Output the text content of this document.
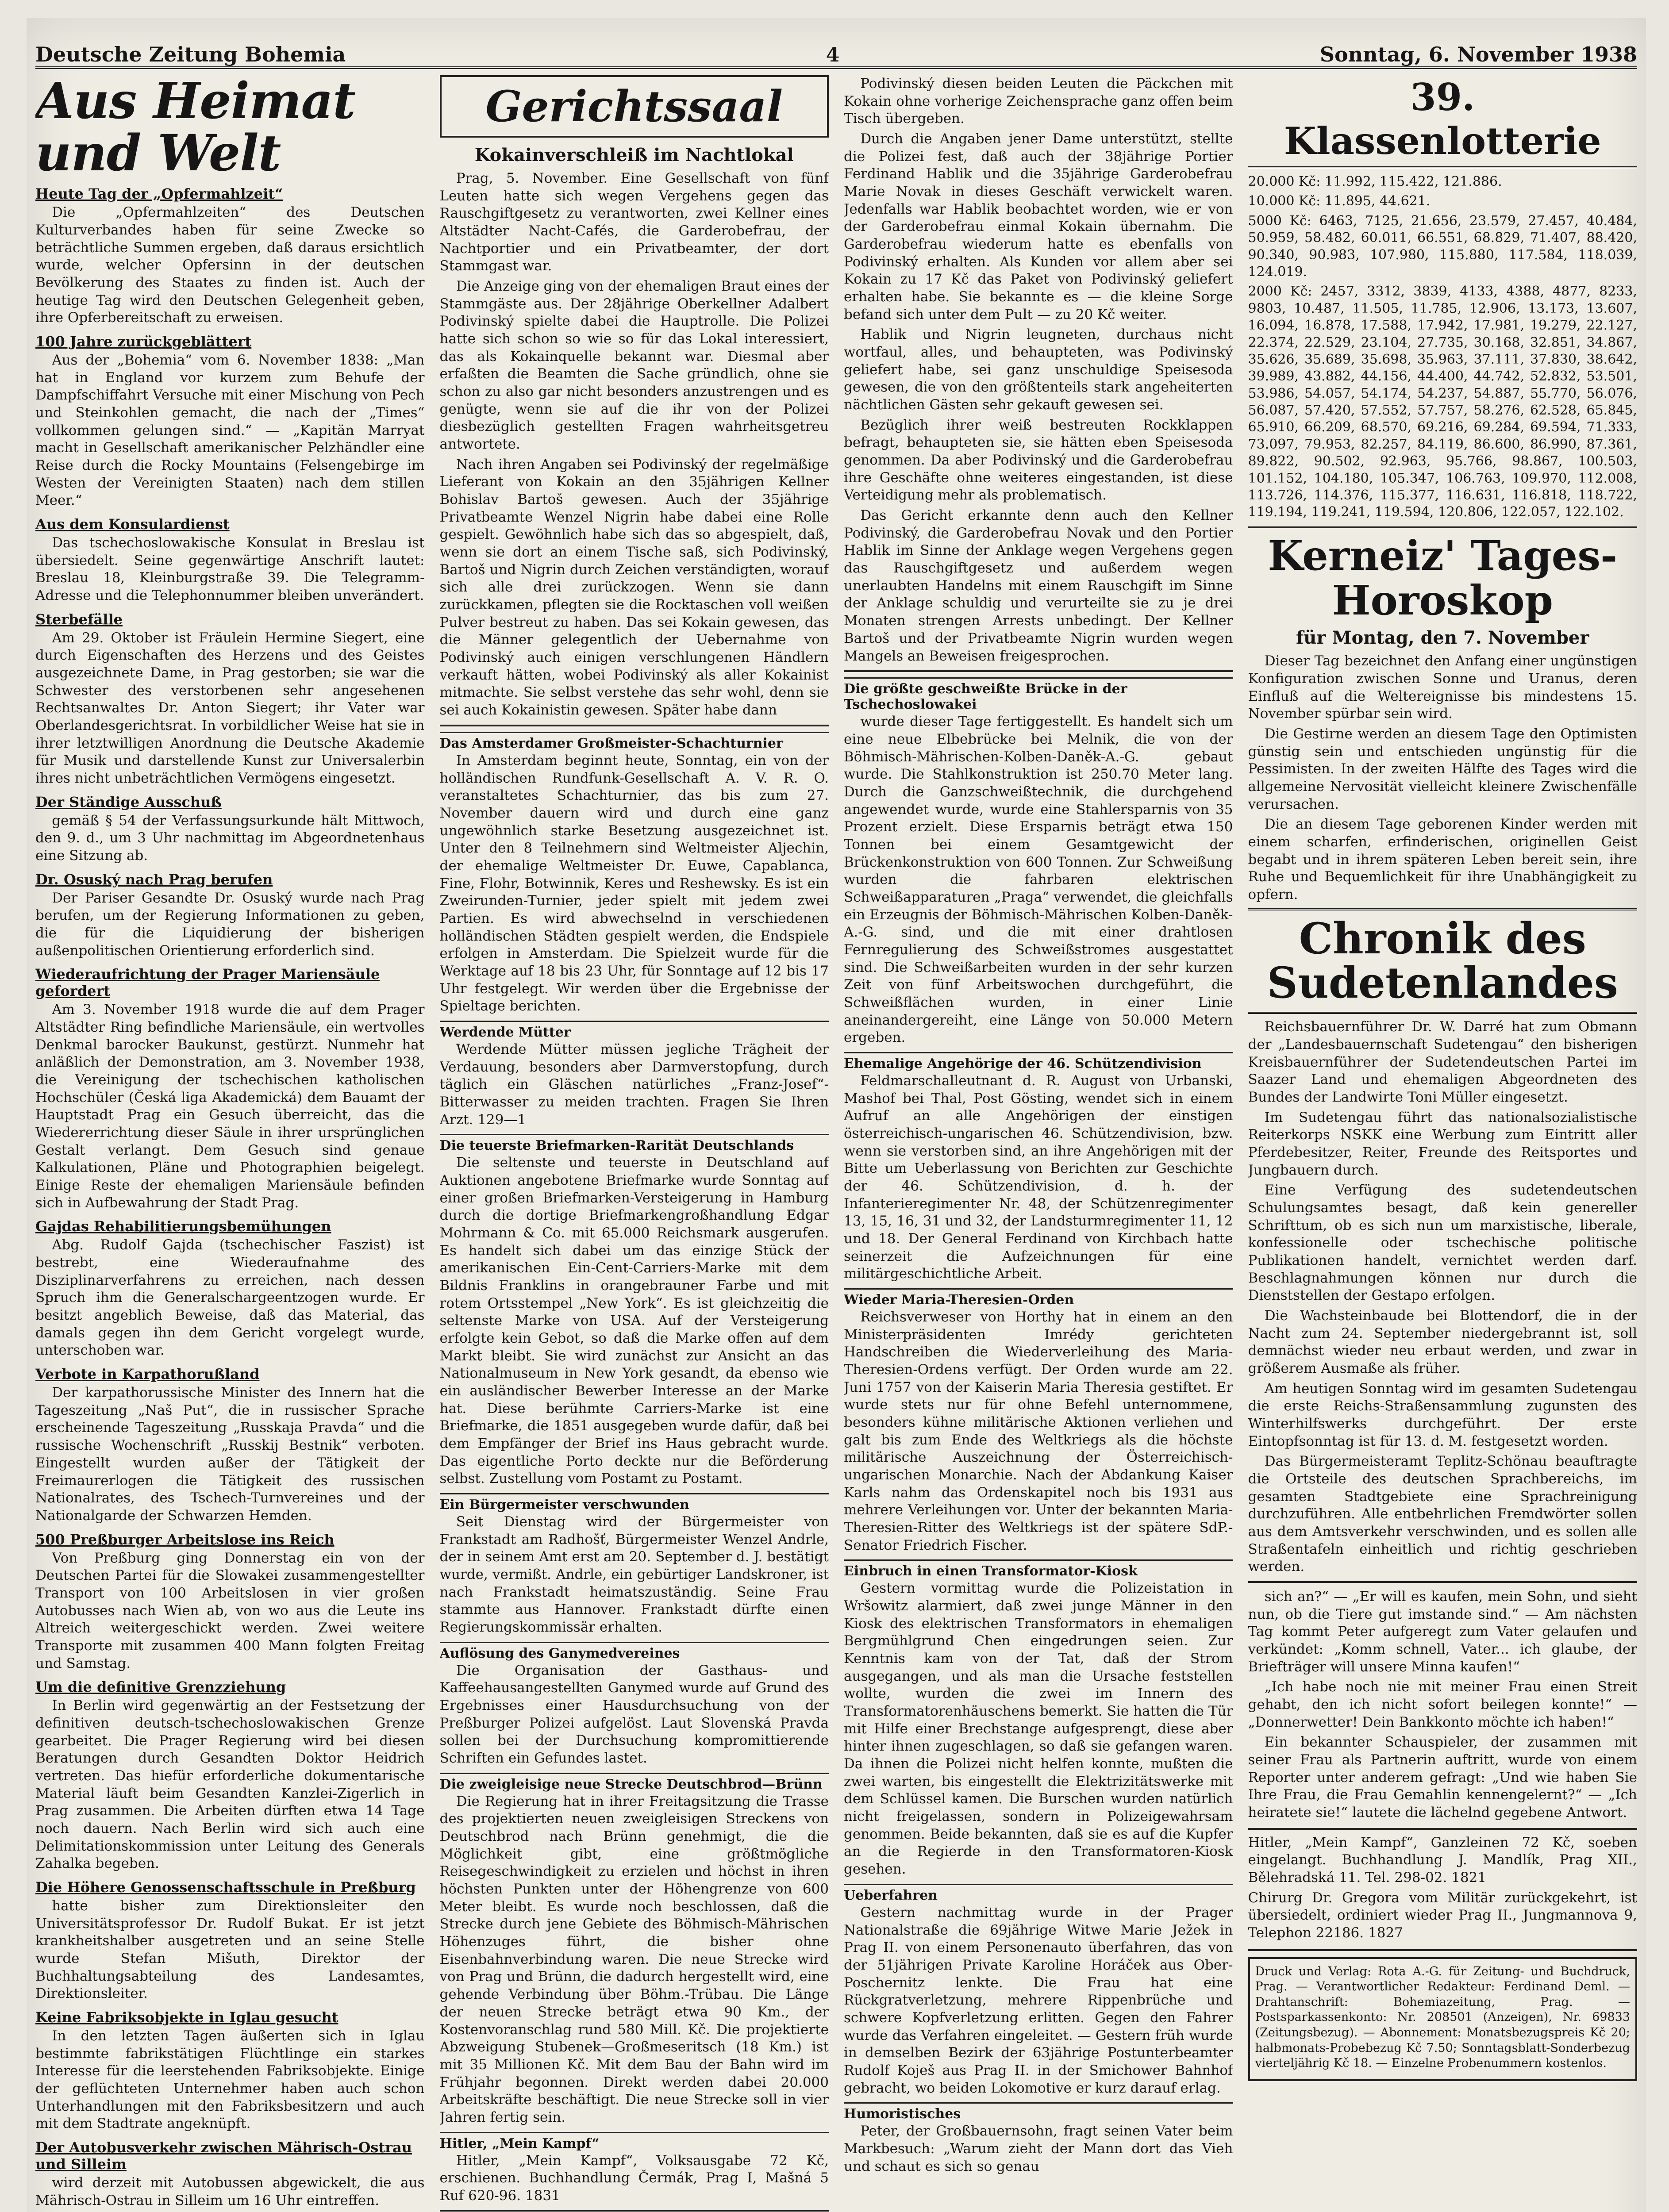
Deutsche Zeitung Bohemia	4	Sonntag, 6. November 1938
Aus Heimat und Welt
Heute Tag der „Opfermahlzeit“

Die „Opfermahlzeiten“ des Deutschen Kulturverbandes haben für seine Zwecke so beträchtliche Summen ergeben, daß daraus ersichtlich wurde, welcher Opfersinn in der deutschen Bevölkerung des Staates zu finden ist. Auch der heutige Tag wird den Deutschen Gelegenheit geben, ihre Opferbereitschaft zu erweisen.

100 Jahre zurückgeblättert

Aus der „Bohemia“ vom 6. November 1838: „Man hat in England vor kurzem zum Behufe der Dampfschiffahrt Versuche mit einer Mischung von Pech und Steinkohlen gemacht, die nach der „Times“ vollkommen gelungen sind.“ — „Kapitän Marryat macht in Gesellschaft amerikanischer Pelzhändler eine Reise durch die Rocky Mountains (Felsengebirge im Westen der Vereinigten Staaten) nach dem stillen Meer.“

Aus dem Konsulardienst

Das tschechoslowakische Konsulat in Breslau ist übersiedelt. Seine gegenwärtige Anschrift lautet: Breslau 18, Kleinburgstraße 39. Die Telegramm-Adresse und die Telephonnummer bleiben unverändert.

Sterbefälle

Am 29. Oktober ist Fräulein Hermine Siegert, eine durch Eigenschaften des Herzens und des Geistes ausgezeichnete Dame, in Prag gestorben; sie war die Schwester des verstorbenen sehr angesehenen Rechtsanwaltes Dr. Anton Siegert; ihr Vater war Oberlandesgerichtsrat. In vorbildlicher Weise hat sie in ihrer letztwilligen Anordnung die Deutsche Akademie für Musik und darstellende Kunst zur Universalerbin ihres nicht unbeträchtlichen Vermögens eingesetzt.

Der Ständige Ausschuß

gemäß § 54 der Verfassungsurkunde hält Mittwoch, den 9. d., um 3 Uhr nachmittag im Abgeordnetenhaus eine Sitzung ab.

Dr. Osuský nach Prag berufen

Der Pariser Gesandte Dr. Osuský wurde nach Prag berufen, um der Regierung Informationen zu geben, die für die Liquidierung der bisherigen außenpolitischen Orientierung erforderlich sind.

Wiederaufrichtung der Prager Mariensäule gefordert

Am 3. November 1918 wurde die auf dem Prager Altstädter Ring befindliche Mariensäule, ein wertvolles Denkmal barocker Baukunst, gestürzt. Nunmehr hat anläßlich der Demonstration, am 3. November 1938, die Vereinigung der tschechischen katholischen Hochschüler (Česká liga Akademická) dem Bauamt der Hauptstadt Prag ein Gesuch überreicht, das die Wiedererrichtung dieser Säule in ihrer ursprünglichen Gestalt verlangt. Dem Gesuch sind genaue Kalkulationen, Pläne und Photographien beigelegt. Einige Reste der ehemaligen Mariensäule befinden sich in Aufbewahrung der Stadt Prag.

Gajdas Rehabilitierungsbemühungen

Abg. Rudolf Gajda (tschechischer Faszist) ist bestrebt, eine Wiederaufnahme des Disziplinarverfahrens zu erreichen, nach dessen Spruch ihm die Generalschargeentzogen wurde. Er besitzt angeblich Beweise, daß das Material, das damals gegen ihn dem Gericht vorgelegt wurde, unterschoben war.

Verbote in Karpathorußland

Der karpathorussische Minister des Innern hat die Tageszeitung „Naš Put“, die in russischer Sprache erscheinende Tageszeitung „Russkaja Pravda“ und die russische Wochenschrift „Russkij Bestnik“ verboten. Eingestellt wurden außer der Tätigkeit der Freimaurerlogen die Tätigkeit des russischen Nationalrates, des Tschech-Turnvereines und der Nationalgarde der Schwarzen Hemden.

500 Preßburger Arbeitslose ins Reich

Von Preßburg ging Donnerstag ein von der Deutschen Partei für die Slowakei zusammengestellter Transport von 100 Arbeitslosen in vier großen Autobusses nach Wien ab, von wo aus die Leute ins Altreich weitergeschickt werden. Zwei weitere Transporte mit zusammen 400 Mann folgten Freitag und Samstag.

Um die definitive Grenzziehung

In Berlin wird gegenwärtig an der Festsetzung der definitiven deutsch-tschechoslowakischen Grenze gearbeitet. Die Prager Regierung wird bei diesen Beratungen durch Gesandten Doktor Heidrich vertreten. Das hiefür erforderliche dokumentarische Material läuft beim Gesandten Kanzlei-Zigerlich in Prag zusammen. Die Arbeiten dürften etwa 14 Tage noch dauern. Nach Berlin wird sich auch eine Delimitationskommission unter Leitung des Generals Zahalka begeben.

Die Höhere Genossenschaftsschule in Preßburg

hatte bisher zum Direktionsleiter den Universitätsprofessor Dr. Rudolf Bukat. Er ist jetzt krankheitshalber ausgetreten und an seine Stelle wurde Stefan Mišuth, Direktor der Buchhaltungsabteilung des Landesamtes, Direktionsleiter.

Keine Fabriksobjekte in Iglau gesucht

In den letzten Tagen äußerten sich in Iglau bestimmte fabrikstätigen Flüchtlinge ein starkes Interesse für die leerstehenden Fabriksobjekte. Einige der geflüchteten Unternehmer haben auch schon Unterhandlungen mit den Fabriksbesitzern und auch mit dem Stadtrate angeknüpft.

Der Autobusverkehr zwischen Mährisch-Ostrau und Silleim

wird derzeit mit Autobussen abgewickelt, die aus Mährisch-Ostrau in Silleim um 16 Uhr eintreffen.

Gerichtssaal
Kokainverschleiß im Nachtlokal

Prag, 5. November. Eine Gesellschaft von fünf Leuten hatte sich wegen Vergehens gegen das Rauschgiftgesetz zu verantworten, zwei Kellner eines Altstädter Nacht-Cafés, die Garderobefrau, der Nachtportier und ein Privatbeamter, der dort Stammgast war.

Die Anzeige ging von der ehemaligen Braut eines der Stammgäste aus. Der 28jährige Oberkellner Adalbert Podivinský spielte dabei die Hauptrolle. Die Polizei hatte sich schon so wie so für das Lokal interessiert, das als Kokainquelle bekannt war. Diesmal aber erfaßten die Beamten die Sache gründlich, ohne sie schon zu also gar nicht besonders anzustrengen und es genügte, wenn sie auf die ihr von der Polizei diesbezüglich gestellten Fragen wahrheitsgetreu antwortete.

Nach ihren Angaben sei Podivinský der regelmäßige Lieferant von Kokain an den 35jährigen Kellner Bohislav Bartoš gewesen. Auch der 35jährige Privatbeamte Wenzel Nigrin habe dabei eine Rolle gespielt. Gewöhnlich habe sich das so abgespielt, daß, wenn sie dort an einem Tische saß, sich Podivinský, Bartoš und Nigrin durch Zeichen verständigten, worauf sich alle drei zurückzogen. Wenn sie dann zurückkamen, pflegten sie die Rocktaschen voll weißen Pulver bestreut zu haben. Das sei Kokain gewesen, das die Männer gelegentlich der Uebernahme von Podivinský auch einigen verschlungenen Händlern verkauft hätten, wobei Podivinský als aller Kokainist mitmachte. Sie selbst verstehe das sehr wohl, denn sie sei auch Kokainistin gewesen. Später habe dann

Das Amsterdamer Großmeister-Schachturnier

In Amsterdam beginnt heute, Sonntag, ein von der holländischen Rundfunk-Gesellschaft A. V. R. O. veranstaltetes Schachturnier, das bis zum 27. November dauern wird und durch eine ganz ungewöhnlich starke Besetzung ausgezeichnet ist. Unter den 8 Teilnehmern sind Weltmeister Aljechin, der ehemalige Weltmeister Dr. Euwe, Capablanca, Fine, Flohr, Botwinnik, Keres und Reshewsky. Es ist ein Zweirunden-Turnier, jeder spielt mit jedem zwei Partien. Es wird abwechselnd in verschiedenen holländischen Städten gespielt werden, die Endspiele erfolgen in Amsterdam. Die Spielzeit wurde für die Werktage auf 18 bis 23 Uhr, für Sonntage auf 12 bis 17 Uhr festgelegt. Wir werden über die Ergebnisse der Spieltage berichten.

Werdende Mütter

Werdende Mütter müssen jegliche Trägheit der Verdauung, besonders aber Darmverstopfung, durch täglich ein Gläschen natürliches „Franz-Josef“-Bitterwasser zu meiden trachten. Fragen Sie Ihren Arzt. 129—1

Die teuerste Briefmarken-Rarität Deutschlands

Die seltenste und teuerste in Deutschland auf Auktionen angebotene Briefmarke wurde Sonntag auf einer großen Briefmarken-Versteigerung in Hamburg durch die dortige Briefmarkengroßhandlung Edgar Mohrmann & Co. mit 65.000 Reichsmark ausgerufen. Es handelt sich dabei um das einzige Stück der amerikanischen Ein-Cent-Carriers-Marke mit dem Bildnis Franklins in orangebrauner Farbe und mit rotem Ortsstempel „New York“. Es ist gleichzeitig die seltenste Marke von USA. Auf der Versteigerung erfolgte kein Gebot, so daß die Marke offen auf dem Markt bleibt. Sie wird zunächst zur Ansicht an das Nationalmuseum in New York gesandt, da ebenso wie ein ausländischer Bewerber Interesse an der Marke hat. Diese berühmte Carriers-Marke ist eine Briefmarke, die 1851 ausgegeben wurde dafür, daß bei dem Empfänger der Brief ins Haus gebracht wurde. Das eigentliche Porto deckte nur die Beförderung selbst. Zustellung vom Postamt zu Postamt.

Ein Bürgermeister verschwunden

Seit Dienstag wird der Bürgermeister von Frankstadt am Radhošť, Bürgermeister Wenzel Andrle, der in seinem Amt erst am 20. September d. J. bestätigt wurde, vermißt. Andrle, ein gebürtiger Landskroner, ist nach Frankstadt heimatszuständig. Seine Frau stammte aus Hannover. Frankstadt dürfte einen Regierungskommissär erhalten.

Auflösung des Ganymedvereines

Die Organisation der Gasthaus- und Kaffeehausangestellten Ganymed wurde auf Grund des Ergebnisses einer Hausdurchsuchung von der Preßburger Polizei aufgelöst. Laut Slovenská Pravda sollen bei der Durchsuchung kompromittierende Schriften ein Gefundes lastet.

Die zweigleisige neue Strecke Deutschbrod—Brünn

Die Regierung hat in ihrer Freitagsitzung die Trasse des projektierten neuen zweigleisigen Streckens von Deutschbrod nach Brünn genehmigt, die die Möglichkeit gibt, eine größtmögliche Reisegeschwindigkeit zu erzielen und höchst in ihren höchsten Punkten unter der Höhengrenze von 600 Meter bleibt. Es wurde noch beschlossen, daß die Strecke durch jene Gebiete des Böhmisch-Mährischen Höhenzuges führt, die bisher ohne Eisenbahnverbindung waren. Die neue Strecke wird von Prag und Brünn, die dadurch hergestellt wird, eine gehende Verbindung über Böhm.-Trübau. Die Länge der neuen Strecke beträgt etwa 90 Km., der Kostenvoranschlag rund 580 Mill. Kč. Die projektierte Abzweigung Stubenek—Großmeseritsch (18 Km.) ist mit 35 Millionen Kč. Mit dem Bau der Bahn wird im Frühjahr begonnen. Direkt werden dabei 20.000 Arbeitskräfte beschäftigt. Die neue Strecke soll in vier Jahren fertig sein.

Hitler, „Mein Kampf“

Hitler, „Mein Kampf“, Volksausgabe 72 Kč, erschienen. Buchhandlung Čermák, Prag I, Mašná 5 Ruf 620-96. 1831

Podivinský diesen beiden Leuten die Päckchen mit Kokain ohne vorherige Zeichensprache ganz offen beim Tisch übergeben.

Durch die Angaben jener Dame unterstützt, stellte die Polizei fest, daß auch der 38jährige Portier Ferdinand Hablik und die 35jährige Garderobefrau Marie Novak in dieses Geschäft verwickelt waren. Jedenfalls war Hablik beobachtet worden, wie er von der Garderobefrau einmal Kokain übernahm. Die Garderobefrau wiederum hatte es ebenfalls von Podivinský erhalten. Als Kunden vor allem aber sei Kokain zu 17 Kč das Paket von Podivinský geliefert erhalten habe. Sie bekannte es — die kleine Sorge befand sich unter dem Pult — zu 20 Kč weiter.

Hablik und Nigrin leugneten, durchaus nicht wortfaul, alles, und behaupteten, was Podivinský geliefert habe, sei ganz unschuldige Speisesoda gewesen, die von den größtenteils stark angeheiterten nächtlichen Gästen sehr gekauft gewesen sei.

Bezüglich ihrer weiß bestreuten Rockklappen befragt, behaupteten sie, sie hätten eben Speisesoda genommen. Da aber Podivinský und die Garderobefrau ihre Geschäfte ohne weiteres eingestanden, ist diese Verteidigung mehr als problematisch.

Das Gericht erkannte denn auch den Kellner Podivinský, die Garderobefrau Novak und den Portier Hablik im Sinne der Anklage wegen Vergehens gegen das Rauschgiftgesetz und außerdem wegen unerlaubten Handelns mit einem Rauschgift im Sinne der Anklage schuldig und verurteilte sie zu je drei Monaten strengen Arrests unbedingt. Der Kellner Bartoš und der Privatbeamte Nigrin wurden wegen Mangels an Beweisen freigesprochen.

Die größte geschweißte Brücke in der Tschechoslowakei

wurde dieser Tage fertiggestellt. Es handelt sich um eine neue Elbebrücke bei Melnik, die von der Böhmisch-Mährischen-Kolben-Daněk-A.-G. gebaut wurde. Die Stahlkonstruktion ist 250.70 Meter lang. Durch die Ganzschweißtechnik, die durchgehend angewendet wurde, wurde eine Stahlersparnis von 35 Prozent erzielt. Diese Ersparnis beträgt etwa 150 Tonnen bei einem Gesamtgewicht der Brückenkonstruktion von 600 Tonnen. Zur Schweißung wurden die fahrbaren elektrischen Schweißapparaturen „Praga“ verwendet, die gleichfalls ein Erzeugnis der Böhmisch-Mährischen Kolben-Daněk-A.-G. sind, und die mit einer drahtlosen Fernregulierung des Schweißstromes ausgestattet sind. Die Schweißarbeiten wurden in der sehr kurzen Zeit von fünf Arbeitswochen durchgeführt, die Schweißflächen wurden, in einer Linie aneinandergereiht, eine Länge von 50.000 Metern ergeben.

Ehemalige Angehörige der 46. Schützendivision

Feldmarschalleutnant d. R. August von Urbanski, Mashof bei Thal, Post Gösting, wendet sich in einem Aufruf an alle Angehörigen der einstigen österreichisch-ungarischen 46. Schützendivision, bzw. wenn sie verstorben sind, an ihre Angehörigen mit der Bitte um Ueberlassung von Berichten zur Geschichte der 46. Schützendivision, d. h. der Infanterieregimenter Nr. 48, der Schützenregimenter 13, 15, 16, 31 und 32, der Landsturmregimenter 11, 12 und 18. Der General Ferdinand von Kirchbach hatte seinerzeit die Aufzeichnungen für eine militärgeschichtliche Arbeit.

Wieder Maria-Theresien-Orden

Reichsverweser von Horthy hat in einem an den Ministerpräsidenten Imrédy gerichteten Handschreiben die Wiederverleihung des Maria-Theresien-Ordens verfügt. Der Orden wurde am 22. Juni 1757 von der Kaiserin Maria Theresia gestiftet. Er wurde stets nur für ohne Befehl unternommene, besonders kühne militärische Aktionen verliehen und galt bis zum Ende des Weltkriegs als die höchste militärische Auszeichnung der Österreichisch-ungarischen Monarchie. Nach der Abdankung Kaiser Karls nahm das Ordenskapitel noch bis 1931 aus mehrere Verleihungen vor. Unter der bekannten Maria-Theresien-Ritter des Weltkriegs ist der spätere SdP.-Senator Friedrich Fischer.

Einbruch in einen Transformator-Kiosk

Gestern vormittag wurde die Polizeistation in Wršowitz alarmiert, daß zwei junge Männer in den Kiosk des elektrischen Transformators in ehemaligen Bergmühlgrund Chen eingedrungen seien. Zur Kenntnis kam von der Tat, daß der Strom ausgegangen, und als man die Ursache feststellen wollte, wurden die zwei im Innern des Transformatorenhäuschens bemerkt. Sie hatten die Tür mit Hilfe einer Brechstange aufgesprengt, diese aber hinter ihnen zugeschlagen, so daß sie gefangen waren. Da ihnen die Polizei nicht helfen konnte, mußten die zwei warten, bis eingestellt die Elektrizitätswerke mit dem Schlüssel kamen. Die Burschen wurden natürlich nicht freigelassen, sondern in Polizeigewahrsam genommen. Beide bekannten, daß sie es auf die Kupfer an die Regierde in den Transformatoren-Kiosk gesehen.

Ueberfahren

Gestern nachmittag wurde in der Prager Nationalstraße die 69jährige Witwe Marie Ježek in Prag II. von einem Personenauto überfahren, das von der 51jährigen Private Karoline Horáček aus Ober-Poschernitz lenkte. Die Frau hat eine Rückgratverletzung, mehrere Rippenbrüche und schwere Kopfverletzung erlitten. Gegen den Fahrer wurde das Verfahren eingeleitet. — Gestern früh wurde in demselben Bezirk der 63jährige Postunterbeamter Rudolf Koješ aus Prag II. in der Smichower Bahnhof gebracht, wo beiden Lokomotive er kurz darauf erlag.

Humoristisches

Peter, der Großbauernsohn, fragt seinen Vater beim Markbesuch: „Warum zieht der Mann dort das Vieh und schaut es sich so genau

39. Klassenlotterie

20.000 Kč: 11.992, 115.422, 121.886.

10.000 Kč: 11.895, 44.621.

5000 Kč: 6463, 7125, 21.656, 23.579, 27.457, 40.484, 50.959, 58.482, 60.011, 66.551, 68.829, 71.407, 88.420, 90.340, 90.983, 107.980, 115.880, 117.584, 118.039, 124.019.

2000 Kč: 2457, 3312, 3839, 4133, 4388, 4877, 8233, 9803, 10.487, 11.505, 11.785, 12.906, 13.173, 13.607, 16.094, 16.878, 17.588, 17.942, 17.981, 19.279, 22.127, 22.374, 22.529, 23.104, 27.735, 30.168, 32.851, 34.867, 35.626, 35.689, 35.698, 35.963, 37.111, 37.830, 38.642, 39.989, 43.882, 44.156, 44.400, 44.742, 52.832, 53.501, 53.986, 54.057, 54.174, 54.237, 54.887, 55.770, 56.076, 56.087, 57.420, 57.552, 57.757, 58.276, 62.528, 65.845, 65.910, 66.209, 68.570, 69.216, 69.284, 69.594, 71.333, 73.097, 79.953, 82.257, 84.119, 86.600, 86.990, 87.361, 89.822, 90.502, 92.963, 95.766, 98.867, 100.503, 101.152, 104.180, 105.347, 106.763, 109.970, 112.008, 113.726, 114.376, 115.377, 116.631, 116.818, 118.722, 119.194, 119.241, 119.594, 120.806, 122.057, 122.102.

Kerneiz' Tages-Horoskop
für Montag, den 7. November

Dieser Tag bezeichnet den Anfang einer ungünstigen Konfiguration zwischen Sonne und Uranus, deren Einfluß auf die Weltereignisse bis mindestens 15. November spürbar sein wird.

Die Gestirne werden an diesem Tage den Optimisten günstig sein und entschieden ungünstig für die Pessimisten. In der zweiten Hälfte des Tages wird die allgemeine Nervosität vielleicht kleinere Zwischenfälle verursachen.

Die an diesem Tage geborenen Kinder werden mit einem scharfen, erfinderischen, originellen Geist begabt und in ihrem späteren Leben bereit sein, ihre Ruhe und Bequemlichkeit für ihre Unabhängigkeit zu opfern.

Chronik des Sudetenlandes

Reichsbauernführer Dr. W. Darré hat zum Obmann der „Landesbauernschaft Sudetengau“ den bisherigen Kreisbauernführer der Sudetendeutschen Partei im Saazer Land und ehemaligen Abgeordneten des Bundes der Landwirte Toni Müller eingesetzt.

Im Sudetengau führt das nationalsozialistische Reiterkorps NSKK eine Werbung zum Eintritt aller Pferdebesitzer, Reiter, Freunde des Reitsportes und Jungbauern durch.

Eine Verfügung des sudetendeutschen Schulungsamtes besagt, daß kein genereller Schrifttum, ob es sich nun um marxistische, liberale, konfessionelle oder tschechische politische Publikationen handelt, vernichtet werden darf. Beschlagnahmungen können nur durch die Dienststellen der Gestapo erfolgen.

Die Wachsteinbaude bei Blottendorf, die in der Nacht zum 24. September niedergebrannt ist, soll demnächst wieder neu erbaut werden, und zwar in größerem Ausmaße als früher.

Am heutigen Sonntag wird im gesamten Sudetengau die erste Reichs-Straßensammlung zugunsten des Winterhilfswerks durchgeführt. Der erste Eintopfsonntag ist für 13. d. M. festgesetzt worden.

Das Bürgermeisteramt Teplitz-Schönau beauftragte die Ortsteile des deutschen Sprachbereichs, im gesamten Stadtgebiete eine Sprachreinigung durchzuführen. Alle entbehrlichen Fremdwörter sollen aus dem Amtsverkehr verschwinden, und es sollen alle Straßentafeln einheitlich und richtig geschrieben werden.

sich an?“ — „Er will es kaufen, mein Sohn, und sieht nun, ob die Tiere gut imstande sind.“ — Am nächsten Tag kommt Peter aufgeregt zum Vater gelaufen und verkündet: „Komm schnell, Vater... ich glaube, der Briefträger will unsere Minna kaufen!“

„Ich habe noch nie mit meiner Frau einen Streit gehabt, den ich nicht sofort beilegen konnte!“ — „Donnerwetter! Dein Bankkonto möchte ich haben!“

Ein bekannter Schauspieler, der zusammen mit seiner Frau als Partnerin auftritt, wurde von einem Reporter unter anderem gefragt: „Und wie haben Sie Ihre Frau, die Frau Gemahlin kennengelernt?“ — „Ich heiratete sie!“ lautete die lächelnd gegebene Antwort.

Hitler, „Mein Kampf“, Ganzleinen 72 Kč, soeben eingelangt. Buchhandlung J. Mandlík, Prag XII., Bělehradská 11. Tel. 298-02. 1821

Chirurg Dr. Gregora vom Militär zurückgekehrt, ist übersiedelt, ordiniert wieder Prag II., Jungmannova 9, Telephon 22186. 1827

Druck und Verlag: Rota A.-G. für Zeitung- und Buchdruck, Prag. — Verantwortlicher Redakteur: Ferdinand Deml. — Drahtanschrift: Bohemiazeitung, Prag. — Postsparkassenkonto: Nr. 208501 (Anzeigen), Nr. 69833 (Zeitungsbezug). — Abonnement: Monatsbezugspreis Kč 20; halbmonats-Probebezug Kč 7.50; Sonntagsblatt-Sonderbezug vierteljährig Kč 18. — Einzelne Probenummern kostenlos.
